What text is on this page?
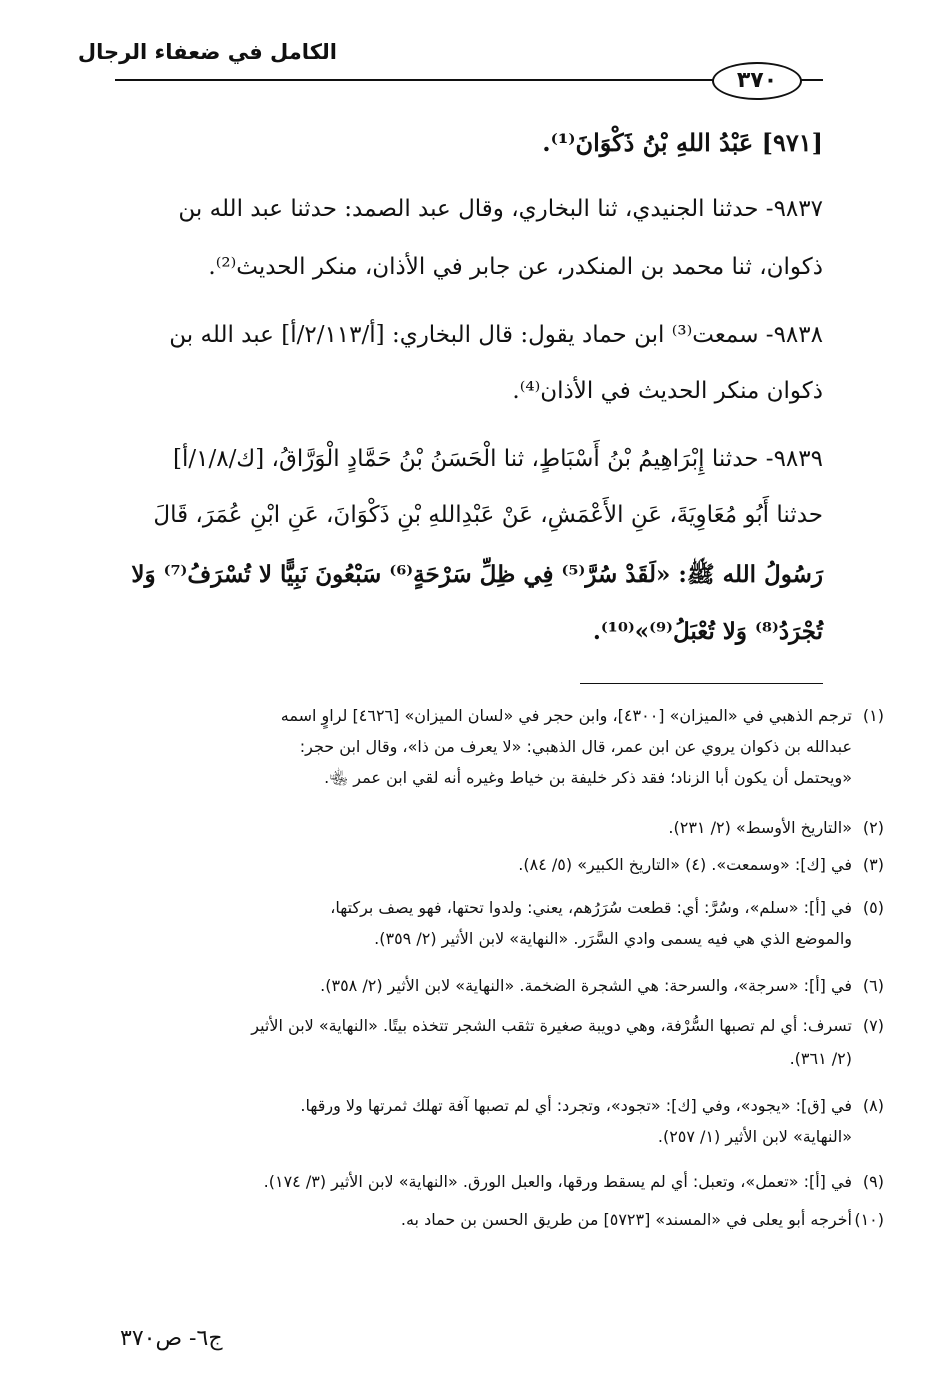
الكامل في ضعفاء الرجال
٣٧٠
[٩٧١] عَبْدُ اللهِ بْنُ ذَكْوَانَ⁽¹⁾.
٩٨٣٧- حدثنا الجنيدي، ثنا البخاري، وقال عبد الصمد: حدثنا عبد الله بن
ذكوان، ثنا محمد بن المنكدر، عن جابر في الأذان، منكر الحديث⁽²⁾.
٩٨٣٨- سمعت⁽³⁾ ابن حماد يقول: قال البخاري: [أ/٢/١١٣/أ] عبد الله بن
ذكوان منكر الحديث في الأذان⁽⁴⁾.
٩٨٣٩- حدثنا إِبْرَاهِيمُ بْنُ أَسْبَاطٍ، ثنا الْحَسَنُ بْنُ حَمَّادٍ الْوَرَّاقُ، [ك/١/٨/أ]
حدثنا أَبُو مُعَاوِيَةَ، عَنِ الأَعْمَشِ، عَنْ عَبْدِاللهِ بْنِ ذَكْوَانَ، عَنِ ابْنِ عُمَرَ، قَالَ
رَسُولُ الله ﷺ: «لَقَدْ سُرَّ⁽⁵⁾ فِي ظِلِّ سَرْحَةٍ⁽⁶⁾ سَبْعُونَ نَبِيًّا لا تُسْرَفُ⁽⁷⁾ وَلا
تُجْرَدُ⁽⁸⁾ وَلا تُعْبَلُ⁽⁹⁾»⁽¹⁰⁾.
(١)
ترجم الذهبي في «الميزان» [٤٣٠٠]، وابن حجر في «لسان الميزان» [٤٦٢٦] لراوٍ اسمه
عبدالله بن ذكوان يروي عن ابن عمر، قال الذهبي: «لا يعرف من ذا»، وقال ابن حجر:
«ويحتمل أن يكون أبا الزناد؛ فقد ذكر خليفة بن خياط وغيره أنه لقي ابن عمر ﵄.
(٢)
«التاريخ الأوسط» (٢/ ٢٣١).
(٣)
في [ك]: «وسمعت». (٤) «التاريخ الكبير» (٥/ ٨٤).
(٥)
في [أ]: «سلم»، وسُرَّ: أي: قطعت سُرَرُهم، يعني: ولدوا تحتها، فهو يصف بركتها،
والموضع الذي هي فيه يسمى وادي السَّرَر. «النهاية» لابن الأثير (٢/ ٣٥٩).
(٦)
في [أ]: «سرجة»، والسرحة: هي الشجرة الضخمة. «النهاية» لابن الأثير (٢/ ٣٥٨).
(٧)
تسرف: أي لم تصبها السُّرْفة، وهي دويبة صغيرة تثقب الشجر تتخذه بيتًا. «النهاية» لابن الأثير
(٢/ ٣٦١).
(٨)
في [ق]: «يجود»، وفي [ك]: «تجود»، وتجرد: أي لم تصبها آفة تهلك ثمرتها ولا ورقها.
«النهاية» لابن الأثير (١/ ٢٥٧).
(٩)
في [أ]: «تعمل»، وتعبل: أي لم يسقط ورقها، والعبل الورق. «النهاية» لابن الأثير (٣/ ١٧٤).
(١٠)
أخرجه أبو يعلى في «المسند» [٥٧٢٣] من طريق الحسن بن حماد به.
ج٦- ص٣٧٠
